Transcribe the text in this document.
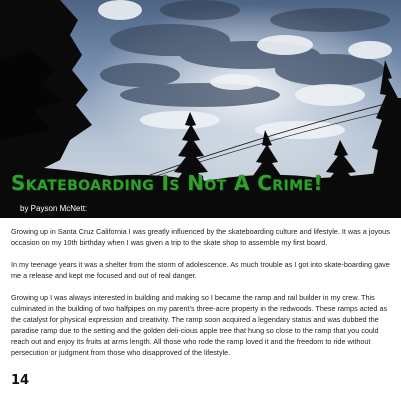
Skateboarding Is Not A Crime!
by Payson McNett:

Growing up in Santa Cruz California I was greatly influenced by the skateboarding culture and lifestyle. It was a joyous occasion on my 10th birthday when I was given a trip to the skate shop to assemble my first board.

In my teenage years it was a shelter from the storm of adolescence. As much trouble as I got into skate-boarding gave me a release and kept me focused and out of real danger.

Growing up I was always interested in building and making so I became the ramp and rail builder in my crew. This culminated in the building of two halfpipes on my parent’s three-acre property in the redwoods. These ramps acted as the catalyst for physical expression and creativity. The ramp soon acquired a legendary status and was dubbed the paradise ramp due to the setting and the golden deli-cious apple tree that hung so close to the ramp that you could reach out and enjoy its fruits at arms length. All those who rode the ramp loved it and the freedom to ride without persecution or judgment from those who disapproved of the lifestyle.

14
